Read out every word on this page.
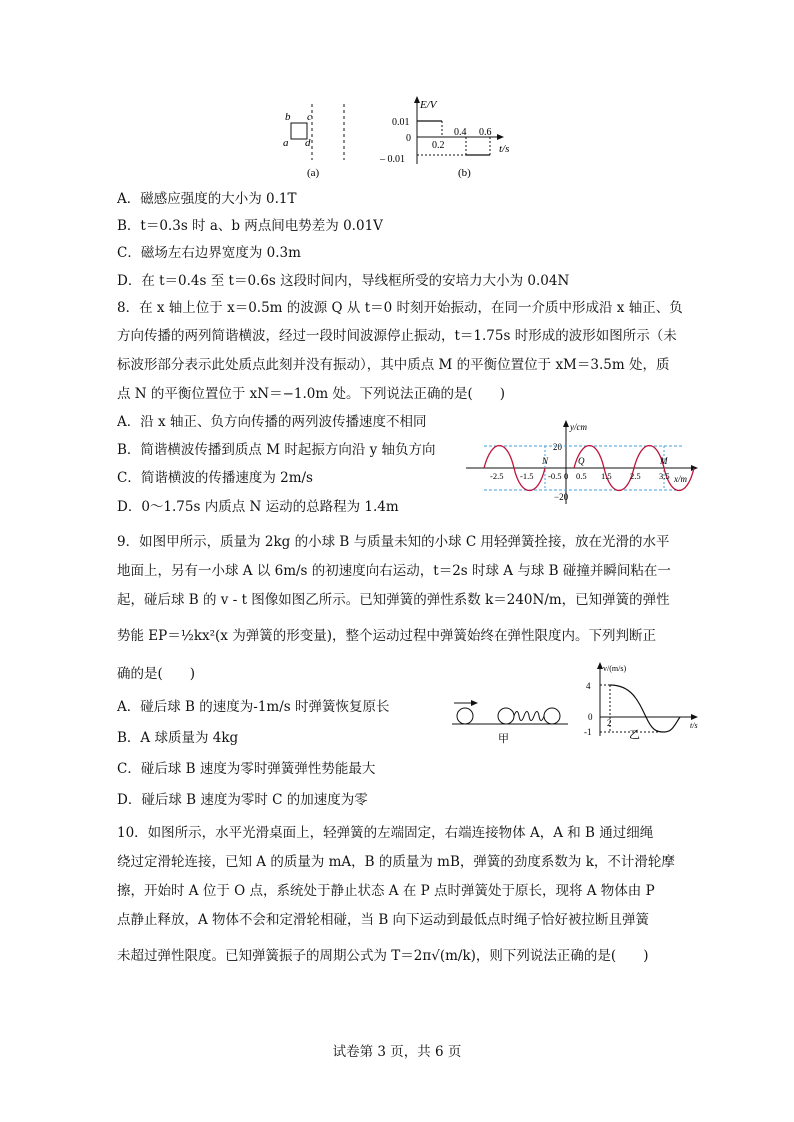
b c
a d
(a)
E/V
t/s
0.01
0
– 0.01
0.2
0.4 0.6
(b)
A．磁感应强度的大小为 0.1T
B．t＝0.3s 时 a、b 两点间电势差为 0.01V
C．磁场左右边界宽度为 0.3m
D．在 t＝0.4s 至 t＝0.6s 这段时间内，导线框所受的安培力大小为 0.04N
8．在 x 轴上位于 x＝0.5m 的波源 Q 从 t＝0 时刻开始振动，在同一介质中形成沿 x 轴正、负
方向传播的两列简谐横波，经过一段时间波源停止振动，t＝1.75s 时形成的波形如图所示（未
标波形部分表示此处质点此刻并没有振动），其中质点 M 的平衡位置位于 xM＝3.5m 处，质
点 N 的平衡位置位于 xN＝−1.0m 处。下列说法正确的是(　　)
A．沿 x 轴正、负方向传播的两列波传播速度不相同
B．简谐横波传播到质点 M 时起振方向沿 y 轴负方向
C．简谐横波的传播速度为 2m/s
D．0～1.75s 内质点 N 运动的总路程为 1.4m
y/cm
x/m
20
−20
N	Q	M
-2.5 -1.5 -0.5 0 0.5 1.5 2.5 3.5
9．如图甲所示，质量为 2kg 的小球 B 与质量未知的小球 C 用轻弹簧拴接，放在光滑的水平
地面上，另有一小球 A 以 6m/s 的初速度向右运动，t＝2s 时球 A 与球 B 碰撞并瞬间粘在一
起，碰后球 B 的 v - t 图像如图乙所示。已知弹簧的弹性系数 k＝240N/m，已知弹簧的弹性
势能 EP＝½kx²(x 为弹簧的形变量)，整个运动过程中弹簧始终在弹性限度内。下列判断正
确的是(　　)
A．碰后球 B 的速度为-1m/s 时弹簧恢复原长
B．A 球质量为 4kg
C．碰后球 B 速度为零时弹簧弹性势能最大
D．碰后球 B 速度为零时 C 的加速度为零
甲
v/(m/s)
t/s
4
0
-1
2
乙
10．如图所示，水平光滑桌面上，轻弹簧的左端固定，右端连接物体 A，A 和 B 通过细绳
绕过定滑轮连接，已知 A 的质量为 mA，B 的质量为 mB，弹簧的劲度系数为 k，不计滑轮摩
擦，开始时 A 位于 O 点，系统处于静止状态 A 在 P 点时弹簧处于原长，现将 A 物体由 P
点静止释放，A 物体不会和定滑轮相碰，当 B 向下运动到最低点时绳子恰好被拉断且弹簧
未超过弹性限度。已知弹簧振子的周期公式为 T＝2π√(m/k)，则下列说法正确的是(　　)
试卷第 3 页，共 6 页
